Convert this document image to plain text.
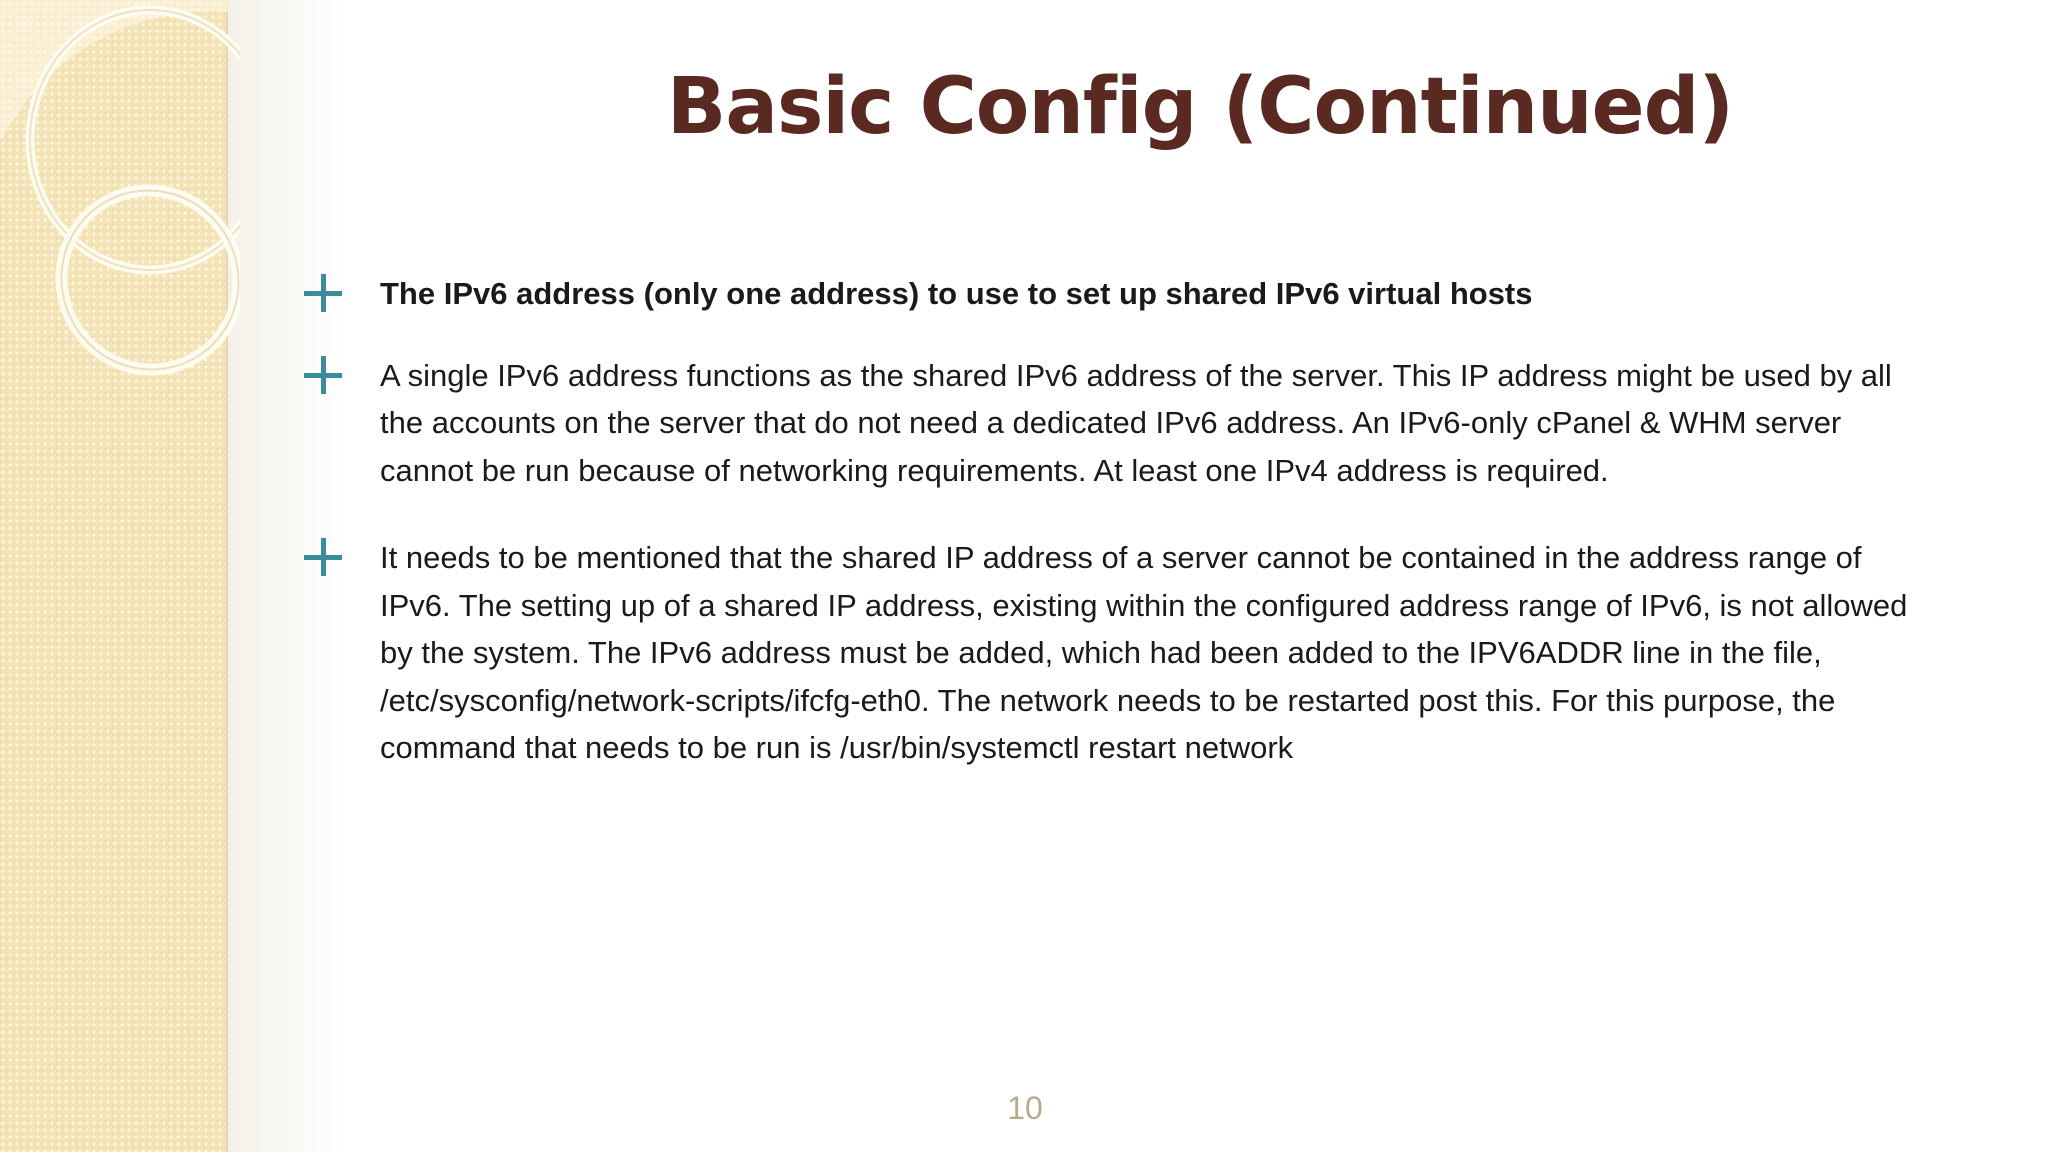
Basic Config (Continued)
The IPv6 address (only one address) to use to set up shared IPv6 virtual hosts
A single IPv6 address functions as the shared IPv6 address of the server. This IP address might be used by all the accounts on the server that do not need a dedicated IPv6 address. An IPv6-only cPanel & WHM server cannot be run because of networking requirements. At least one IPv4 address is required.
It needs to be mentioned that the shared IP address of a server cannot be contained in the address range of IPv6. The setting up of a shared IP address, existing within the configured address range of IPv6, is not allowed by the system. The IPv6 address must be added, which had been added to the IPV6ADDR line in the file, /etc/sysconfig/network-scripts/ifcfg-eth0. The network needs to be restarted post this. For this purpose, the command that needs to be run is /usr/bin/systemctl restart network
10
